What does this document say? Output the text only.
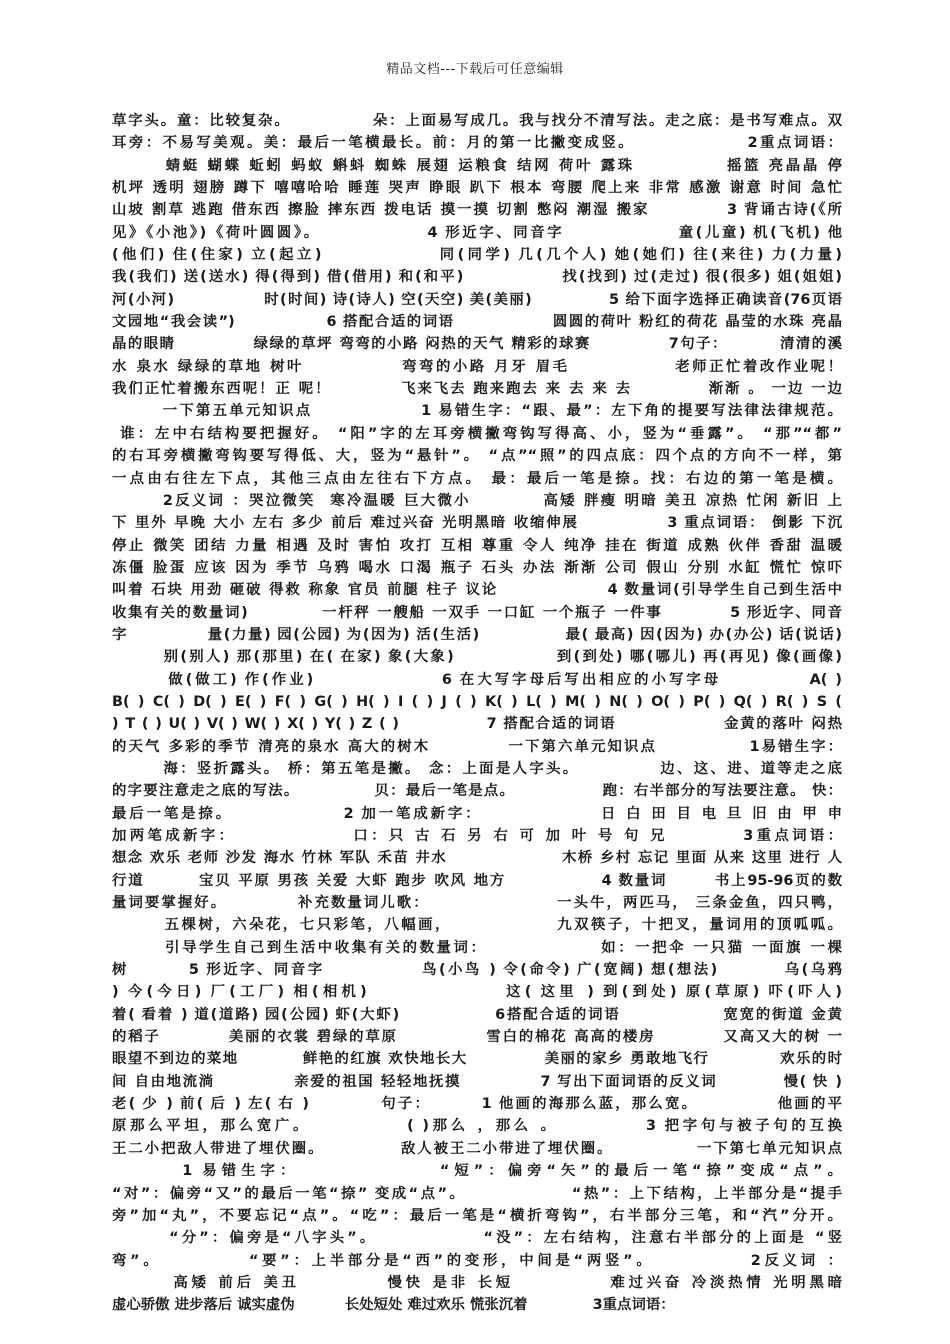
精品文档---下载后可任意编辑
草字头。童：比较复杂。            朵：上面易写成几。我与找分不清写法。走之底：是书写难点。双
耳旁：不易写美观。美：最后一笔横最长。前：月的第一比撇变成竖。               2重点词语：
蜻蜓 蝴蝶 蚯蚓 蚂蚁 蝌蚪 蜘蛛 展翅 运粮食 结网 荷叶 露珠            摇篮 亮晶晶 停
机坪 透明 翅膀 蹲下 嘻嘻哈哈 睡莲 哭声 睁眼 趴下 根本 弯腰 爬上来 非常 感激 谢意 时间 急忙
山坡 割草 逃跑 借东西 擦脸 摔东西 拨电话 摸一摸 切割 憋闷 潮湿 搬家           3 背诵古诗(《所
见》《小池》)《荷叶圆圆》。              4 形近字、同音字               童(儿童) 机(飞机) 他
(他们) 住(住家) 立(起立)              同(同学) 几(几个人) 她(她们) 往(来往) 力(力量)
我(我们) 送(送水) 得(得到) 借(借用) 和(和平)              找(找到) 过(走过) 很(很多) 姐(姐姐)
河(小河)              时(时间) 诗(诗人) 空(天空) 美(美丽)            5 给下面字选择正确读音(76页语
文园地“我会读”)              6 搭配合适的词语               圆圆的荷叶 粉红的荷花 晶莹的水珠 亮晶
晶的眼睛            绿绿的草坪 弯弯的小路 闷热的天气 精彩的球赛            7句子：        清清的溪
水 泉水 绿绿的草地 树叶             弯弯的小路 月牙 眉毛              老师正忙着改作业呢！
我们正忙着搬东西呢！正 呢！          飞来飞去 跑来跑去 来 去 来 去           渐渐 。 一边 一边
一下第五单元知识点               1 易错生字：“跟、最”：左下角的提要写法律法律规范。
谁：左中右结构要把握好。 “阳”字的左耳旁横撇弯钩写得高、小，竖为“垂露”。 “那”“都”
的右耳旁横撇弯钩要写得低、大，竖为“悬针”。 “点”“照”的四点底：四个点的方向不一样，第
一点由右往左下点，其他三点由左往右下方点。 最：最后一笔是捺。找：右边的第一笔是横。
2反义词 ：哭泣微笑  寒冷温暖 巨大微小          高矮 胖瘦 明暗 美丑 凉热 忙闲 新旧 上
下 里外 早晚 大小 左右 多少 前后 难过兴奋 光明黑暗 收缩伸展             3 重点词语： 倒影 下沉
停止 微笑 团结 力量 相遇 及时 害怕 攻打 互相 尊重 令人 纯净 挂在 街道 成熟 伙伴 香甜 温暖
冻僵 脸蛋 应该 因为 季节 乌鸦 喝水 口渴 瓶子 石头 办法 渐渐 公司 假山 分别 水缸 慌忙 惊吓
叫着 石块 用劲 砸破 得救 称象 官员 前腿 柱子 议论                4 数量词(引导学生自己到生活中
收集有关的数量词)           一杆秤 一艘船 一双手 一口缸 一个瓶子 一件事          5 形近字、同音
字            量(力量) 园(公园) 为(因为) 活(生活)             最( 最高) 因(因为) 办(办公) 话(说话)
别(别人) 那(那里) 在( 在家) 象(大象)              到(到处) 哪(哪儿) 再(再见) 像(画像)
做(做工) 作(作业)                6 在大写字母后写出相应的小写字母           A( )
B( ) C( ) D( ) E( ) F( ) G( ) H( ) I ( ) J ( ) K( ) L( ) M( ) N( ) O( ) P( ) Q( ) R( ) S (
) T ( ) U( ) V( ) W( ) X( ) Y( ) Z ( )             7 搭配合适的词语                金黄的落叶 闷热
的天气 多彩的季节 清亮的泉水 高大的树木           一下第六单元知识点             1易错生字：
海：竖折露头。 桥：第五笔是撇。 念：上面是人字头。           边、这、进、道等走之底
的字要注意走之底的写法。            贝：最后一笔是点。              跑：右半部分的写法要注意。 快：
最后一笔是捺。              2 加一笔成新字：               日 白 田 目 电 旦 旧 由 甲 申
加两笔成新字：              口：只 古 石 另 右 可 加 叶 号 句 兄         3重点词语：
想念 欢乐 老师 沙发 海水 竹林 军队 禾苗 井水                  木桥 乡村 忘记 里面 从来 这里 进行 人
行道        宝贝 平原 男孩 关爱 大虾 跑步 吹风 地方              4 数量词       书上95-96页的数
量词要掌握好。          补充数量词儿歌：                  一头牛，两匹马， 三条金鱼，四只鸭，
五棵树，六朵花，七只彩笔，八幅画，              九双筷子，十把叉，量词用的顶呱呱。
引导学生自己到生活中收集有关的数量词：               如：一把伞 一只猫 一面旗 一棵
树        5 形近字、同音字             鸟(小鸟 ) 令(命令) 广(宽阔) 想(想法)         乌(乌鸦
) 今(今日) 厂(工厂) 相(相机)               这( 这里 ) 到(到处) 原(草原) 吓(吓人)
着( 看着 ) 道(道路) 园(公园) 虾(大虾)              6搭配合适的词语               宽宽的街道 金黄
的稻子          美丽的衣裳 碧绿的草原             雪白的棉花 高高的楼房          又高又大的树 一
眼望不到边的菜地          鲜艳的红旗 欢快地长大            美丽的家乡 勇敢地飞行           欢乐的时
间 自由地流淌            亲爱的祖国 轻轻地抚摸            7 写出下面词语的反义词          慢( 快 )
老( 少 ) 前( 后 ) 左( 右 )          句子：       1 他画的海那么蓝，那么宽。           他画的平
原那么平坦，那么宽广。           ( )那么 ，那么 。          3 把字句与被子句的互换
王二小把敌人带进了埋伏圈。           敌人被王二小带进了埋伏圈。            一下第七单元知识点
1 易错生字：              “短”：偏旁“矢”的最后一笔“捺”变成“点”。
“对”：偏旁“又”的最后一笔“捺” 变成“点”。              “热”：上下结构，上半部分是“提手
旁”加“丸”，不要忘记“点”。“吃”：最后一笔是“横折弯钩”，右半部分三笔，和“汽”分开。
“分”：偏旁是“八字头”。             “没”：左右结构，注意右半部分的上面是 “竖
弯”。          “要”：上半部分是“西”的变形，中间是“两竖”。           2反义词 ：
高矮 前后 美丑          慢快 是非 长短           难过兴奋 冷淡热情 光明黑暗
虚心骄傲 进步落后 诚实虚伪          长处短处 难过欢乐 慌张沉着             3重点词语：
